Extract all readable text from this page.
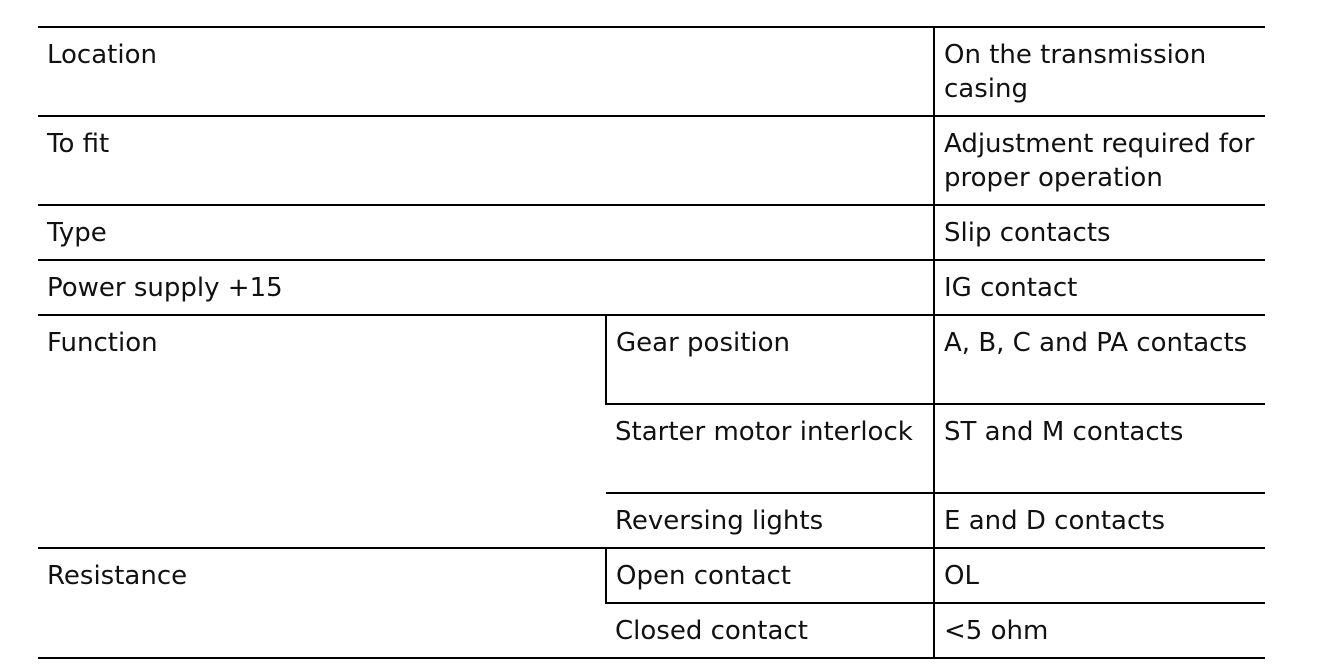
Location		On the transmission casing
To fit		Adjustment required for proper operation
Type		Slip contacts
Power supply +15		IG contact
Function	Gear position	A, B, C and PA contacts
	Starter motor interlock	ST and M contacts
	Reversing lights	E and D contacts
Resistance	Open contact	OL
	Closed contact	<5 ohm
